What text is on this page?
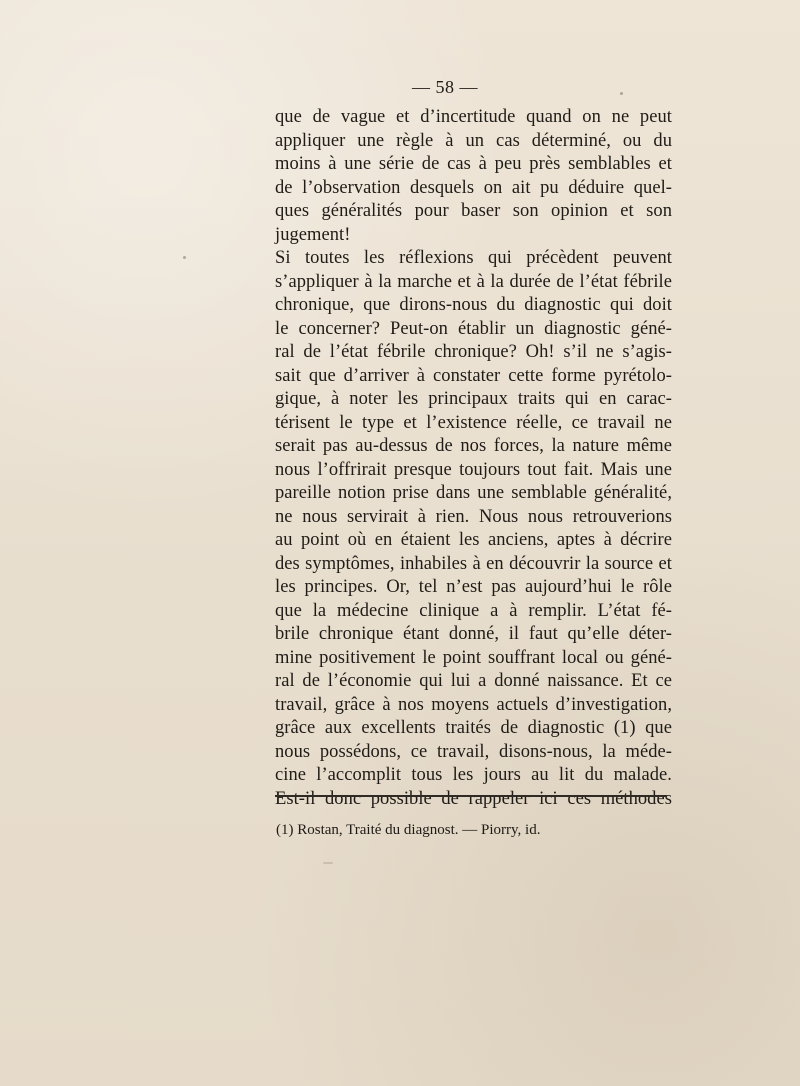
— 58 —
que de vague et d’incertitude quand on ne peut
appliquer une règle à un cas déterminé, ou du
moins à une série de cas à peu près semblables et
de l’observation desquels on ait pu déduire quel-
ques généralités pour baser son opinion et son
jugement!
Si toutes les réflexions qui précèdent peuvent
s’appliquer à la marche et à la durée de l’état fébrile
chronique, que dirons-nous du diagnostic qui doit
le concerner? Peut-on établir un diagnostic géné-
ral de l’état fébrile chronique? Oh! s’il ne s’agis-
sait que d’arriver à constater cette forme pyrétolo-
gique, à noter les principaux traits qui en carac-
térisent le type et l’existence réelle, ce travail ne
serait pas au-dessus de nos forces, la nature même
nous l’offrirait presque toujours tout fait. Mais une
pareille notion prise dans une semblable généralité,
ne nous servirait à rien. Nous nous retrouverions
au point où en étaient les anciens, aptes à décrire
des symptômes, inhabiles à en découvrir la source et
les principes. Or, tel n’est pas aujourd’hui le rôle
que la médecine clinique a à remplir. L’état fé-
brile chronique étant donné, il faut qu’elle déter-
mine positivement le point souffrant local ou géné-
ral de l’économie qui lui a donné naissance. Et ce
travail, grâce à nos moyens actuels d’investigation,
grâce aux excellents traités de diagnostic (1) que
nous possédons, ce travail, disons-nous, la méde-
cine l’accomplit tous les jours au lit du malade.
Est-il donc possible de rappeler ici ces méthodes
(1) Rostan, Traité du diagnost. — Piorry, id.
